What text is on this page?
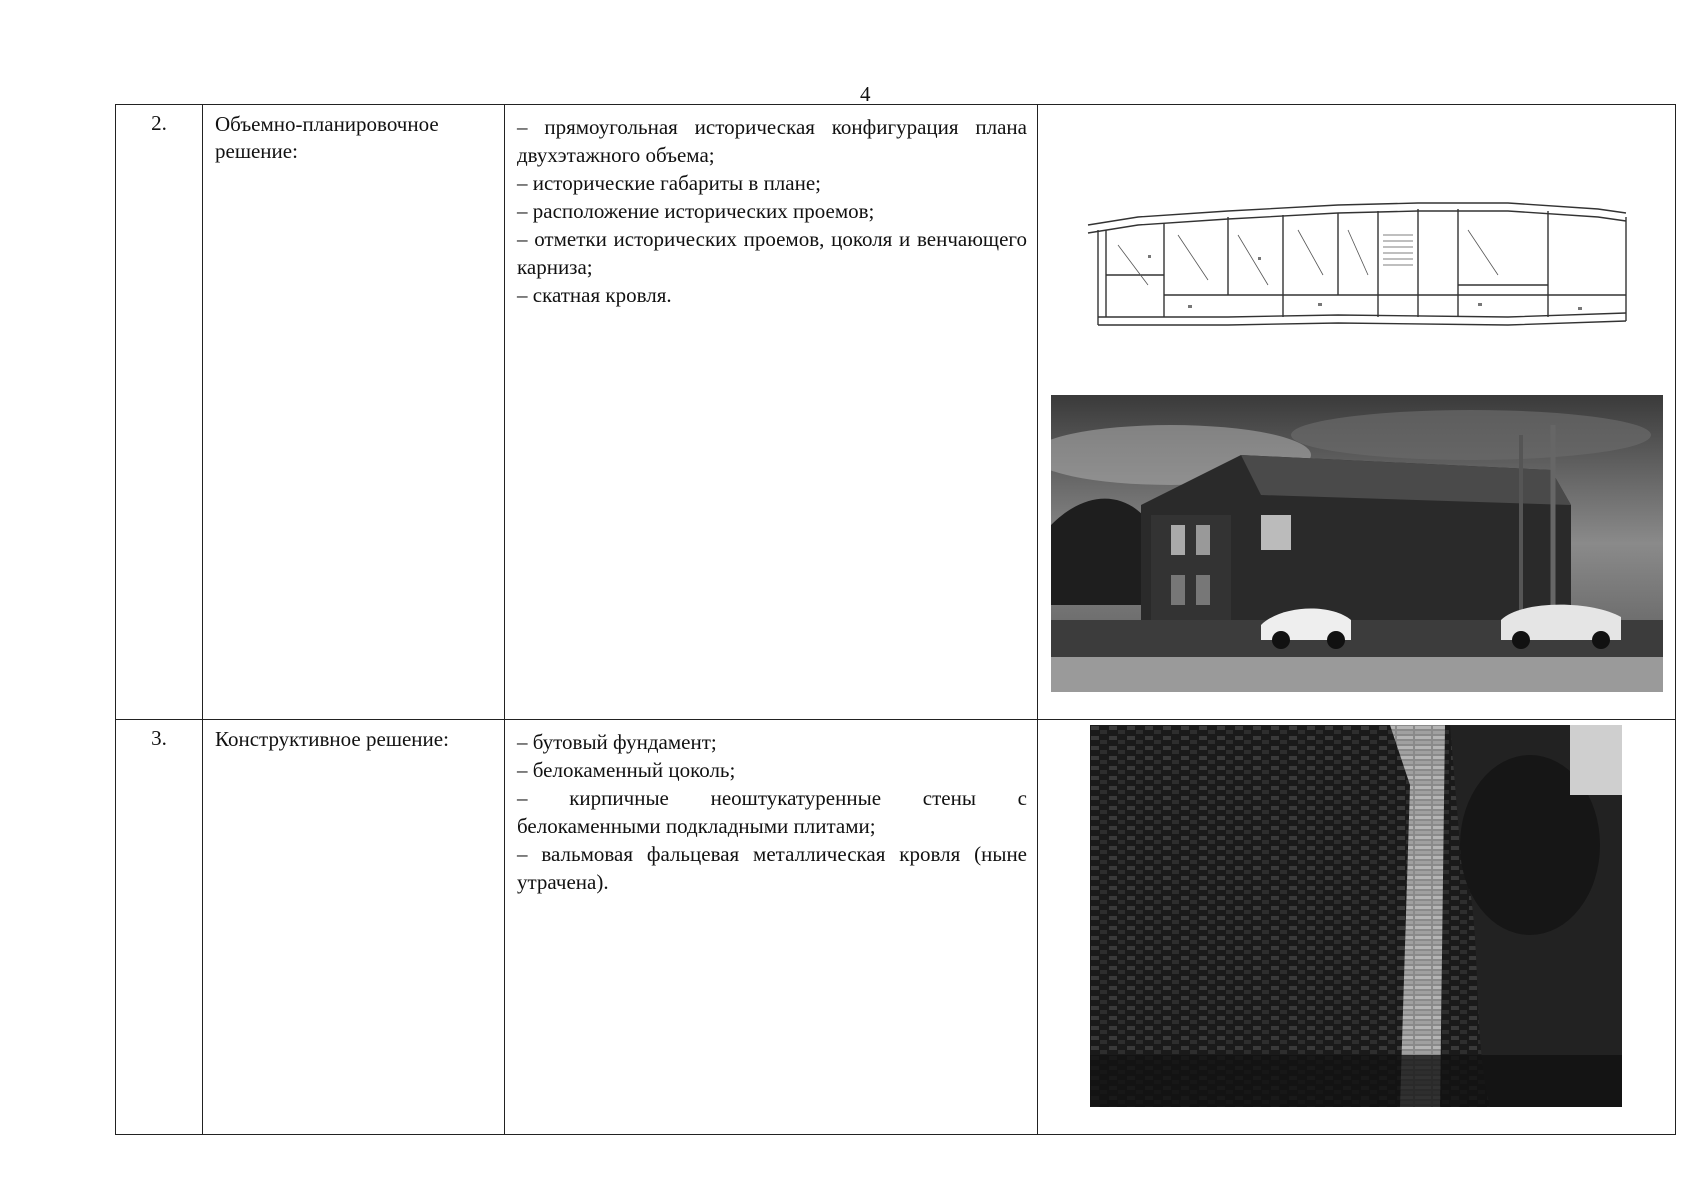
4
2.	Объемно-планировочное решение:	– прямоугольная историческая конфигурация плана двухэтажного объема;

– исторические габариты в плане;

– расположение исторических проемов;

– отметки исторических проемов, цоколя и венчающего карниза;

– скатная кровля.

3.	Конструктивное решение:	– бутовый фундамент;

– белокаменный цоколь;

– кирпичные неоштукатуренные стены с белокаменными подкладными плитами;

– вальмовая фальцевая металлическая кровля (ныне утрачена).
